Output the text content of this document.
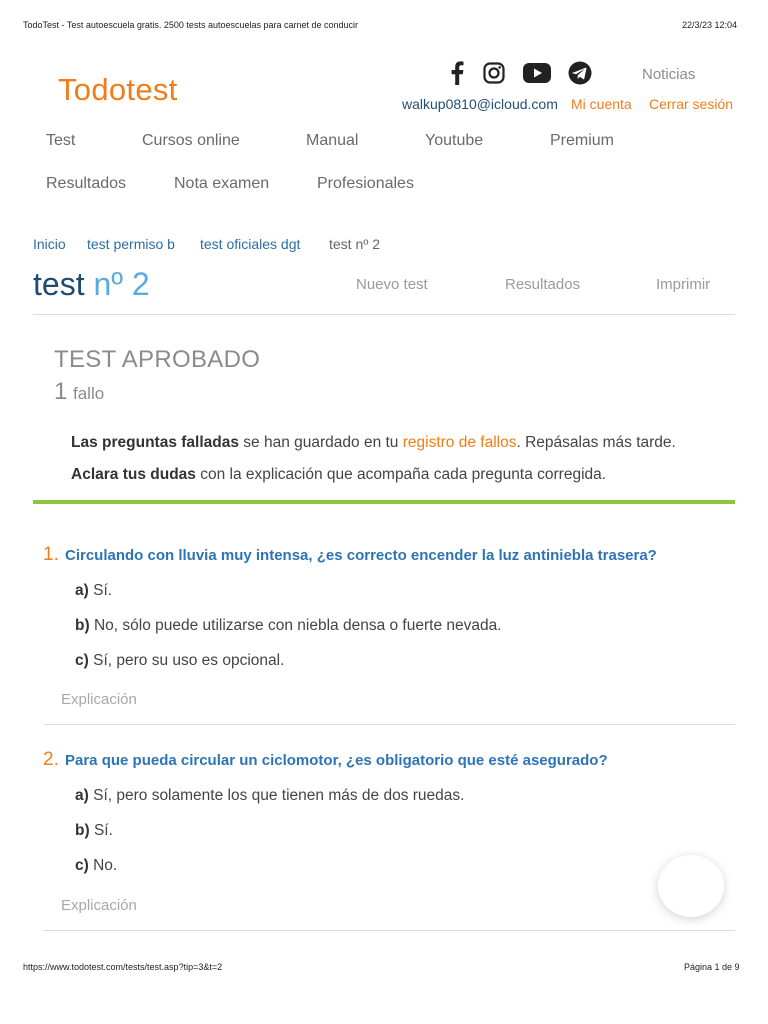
TodoTest - Test autoescuela gratis. 2500 tests autoescuelas para carnet de conducir	22/3/23 12:04
Todotest	Noticias
walkup0810@icloud.com Mi cuenta Cerrar sesión
Test	Cursos online	Manual	Youtube	Premium
Resultados	Nota examen	Profesionales
Inicio test permiso b test oficiales dgt test nº 2
test nº 2	Nuevo test	Resultados	Imprimir
TEST APROBADO
1 fallo
Las preguntas falladas se han guardado en tu registro de fallos. Repásalas más tarde.
Aclara tus dudas con la explicación que acompaña cada pregunta corregida.
1. Circulando con lluvia muy intensa, ¿es correcto encender la luz antiniebla trasera?
a) Sí.
b) No, sólo puede utilizarse con niebla densa o fuerte nevada.
c) Sí, pero su uso es opcional.
Explicación
2. Para que pueda circular un ciclomotor, ¿es obligatorio que esté asegurado?
a) Sí, pero solamente los que tienen más de dos ruedas.
b) Sí.
c) No.
Explicación
https://www.todotest.com/tests/test.asp?tip=3&t=2	Página 1 de 9
